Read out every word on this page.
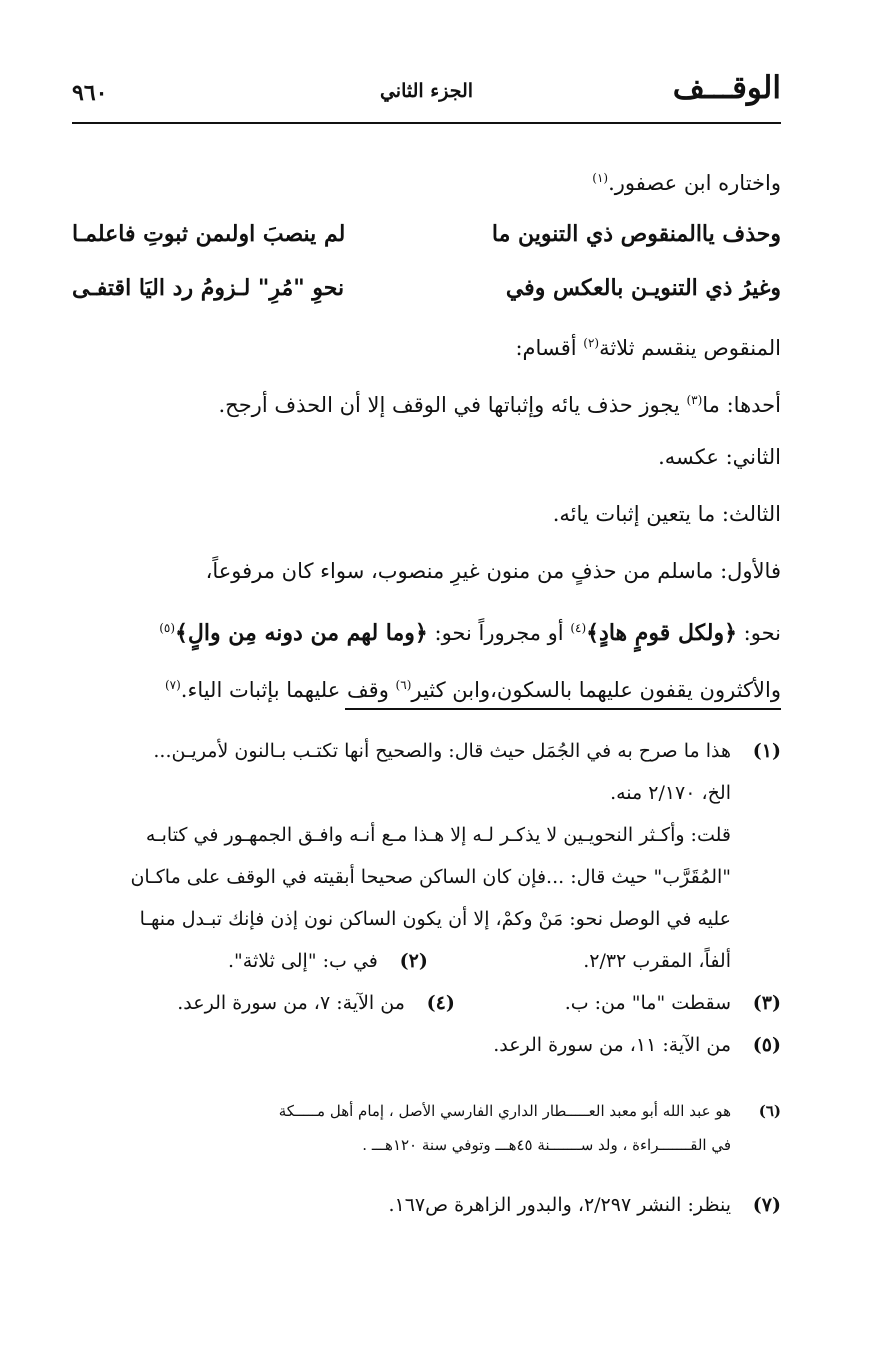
الوقـــف
الجزء الثاني
٩٦٠
واختاره ابن عصفور.$^{(١)}$
وحذف ياالمنقوص ذي التنوين مالم ينصبَ اولىمن ثبوتِ فاعلمـا
وغيرُ ذي التنويـن بالعكس وفينحوِ "مُرِ" لـزومُ رد اليَا اقتفـى
المنقوص ينقسم ثلاثة$^{(٢)}$ أقسام:
أحدها: ما$^{(٣)}$ يجوز حذف يائه وإثباتها في الوقف إلا أن الحذف أرجح.
الثاني: عكسه.
الثالث: ما يتعين إثبات يائه.
فالأول: ماسلم من حذفٍ من منون غيرِ منصوب، سواء كان مرفوعاً،
نحو: ﴿ولكل قومٍ هادٍ﴾$^{(٤)}$ أو مجروراً نحو: ﴿وما لهم من دونه مِن والٍ﴾$^{(٥)}$
والأكثرون يقفون عليهما بالسكون،وابن كثير$^{(٦)}$ وقف عليهما بإثبات الياء.$^{(٧)}$
(١)
هذا ما صرح به في الجُمَل حيث قال: والصحيح أنها تكتـب بـالنون لأمريـن...
الخ، ٢/١٧٠ منه.
قلت: وأكـثر النحويـين لا يذكـر لـه إلا هـذا مـع أنـه وافـق الجمهـور في كتابـه
"المُقَرَّب" حيث قال: ...فإن كان الساكن صحيحا أبقيته في الوقف على ماكـان
عليه في الوصل نحو: مَنْ وكمْ، إلا أن يكون الساكن نون إذن فإنك تبـدل منهـا
ألفاً، المقرب ٢/٣٢.
(٢)
في ب: "إلى ثلاثة".
(٣)
سقطت "ما" من: ب.
(٤)
من الآية: ٧، من سورة الرعد.
(٥)
من الآية: ١١، من سورة الرعد.
(٦)
هو عبد الله أبو معبد العـــــطار الداري الفارسي الأصل ، إمام أهل مـــــكة
في القـــــــراءة ، ولد ســـــــنة ٤٥هـــ وتوفي سنة ١٢٠هـــ .
(٧)
ينظر: النشر ٢/٢٩٧، والبدور الزاهرة ص١٦٧.
